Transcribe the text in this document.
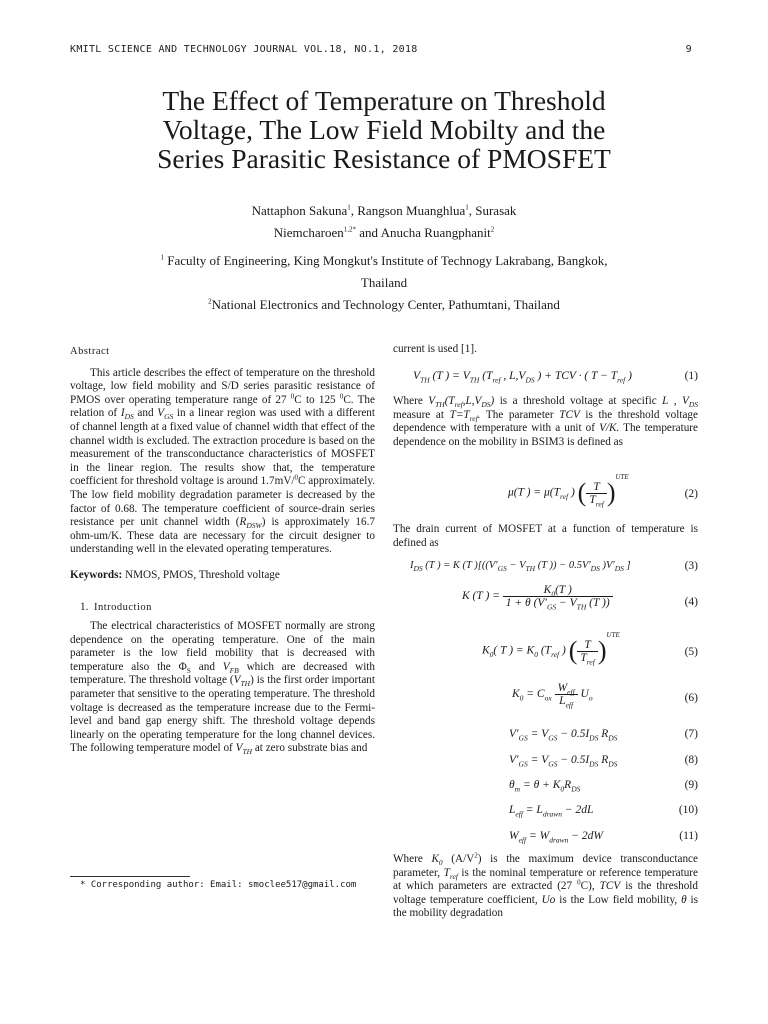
KMITL SCIENCE AND TECHNOLOGY JOURNAL VOL.18, NO.1, 2018	9
The Effect of Temperature on Threshold
Voltage, The Low Field Mobilty and the
Series Parasitic Resistance of PMOSFET
Nattaphon Sakuna$^1$, Rangson Muanghlua$^1$, Surasak
Niemcharoen$^{1,2*}$ and Anucha Ruangphanit$^2$
$^1$ Faculty of Engineering, King Mongkut's Institute of Technogy Lakrabang, Bangkok,
Thailand
$^2$National Electronics and Technology Center, Pathumtani, Thailand
Abstract
This article describes the effect of temperature on the threshold voltage, low field mobility and S/D series parasitic resistance of PMOS over operating temperature range of 27 $^0$C to 125 $^0$C. The relation of $I_{DS}$ and $V_{GS}$ in a linear region was used with a different of channel length at a fixed value of channel width that effect of the channel width is excluded. The extraction procedure is based on the measurement of the transconductance characteristics of MOSFET in the linear region. The results show that, the temperature coefficient for threshold voltage is around 1.7mV/$^0$C approximately. The low field mobility degradation parameter is decreased by the factor of 0.68. The temperature coefficient of source-drain series resistance per unit channel width $(R_{DSW})$ is approximately 16.7 ohm-um/K. These data are necessary for the circuit designer to understanding well in the elevated operating temperatures.
Keywords: NMOS, PMOS, Threshold voltage
1. Introduction
The electrical characteristics of MOSFET normally are strong dependence on the operating temperature. One of the main parameter is the low field mobility that is decreased with temperature also the $\Phi_S$ and $V_{FB}$ which are decreased with temperature. The threshold voltage $(V_{TH})$ is the first order important parameter that sensitive to the operating temperature. The threshold voltage is decreased as the temperature increase due to the Fermi-level and band gap energy shift. The threshold voltage depends linearly on the operating temperature for the long channel devices. The following temperature model of $V_{TH}$ at zero substrate bias and
* Corresponding author: Email: smoclee517@gmail.com
current is used [1].
$V_{TH}$ (T ) = $V_{TH}$ ($T_{ref}$ , $L,V_{DS}$ ) + TCV · ( $T - T_{ref}$ )	(1)
Where $V_{TH}(T_{ref},L,V_{DS})$ is a threshold voltage at specific L , $V_{DS}$ measure at $T=T_{ref}$. The parameter TCV is the threshold voltage dependence with temperature with a unit of V/K. The temperature dependence on the mobility in BSIM3 is defined as
μ(T ) = $\mu(T_{ref}$ ) ( $\frac{T}{T_{ref}} )^{UTE}$
(2)
The drain current of MOSFET at a function of temperature is defined as
$I_{DS}$ (T ) = K (T )[(($V'_{GS} - V_{TH}$ (T )) − $0.5V'_{DS}$ )$V'_{DS}$ ]	(3)
K (T ) = $\frac{K_0(T )}{1 + \theta (V'_{GS} - V_{TH} (T ))}$	(4)
$K_0$( T ) = $K_0$ ($T_{ref}$ ) ( $\frac{T}{T_{ref}} )^{UTE}$
(5)
$K_0 = C_{ox} \frac{W_{eff}}{L_{eff}} U_o$	(6)
$V'_{GS} = V_{GS} - 0.5I_{DS}$ $R_{DS}$	(7)
$V'_{GS} = V_{GS} - 0.5I_{DS}$ $R_{DS}$	(8)
$\theta_m = \theta + K_0R_{DS}$	(9)
$L_{eff} = L_{drawn} - 2dL$	(10)
$W_{eff} = W_{drawn} - 2dW$	(11)
Where $K_0$ $(A/V^2)$ is the maximum device transconductance parameter, $T_{ref}$ is the nominal temperature or reference temperature at which parameters are extracted (27 $^0$C), TCV is the threshold voltage temperature coefficient, Uo is the Low field mobility, θ is the mobility degradation
